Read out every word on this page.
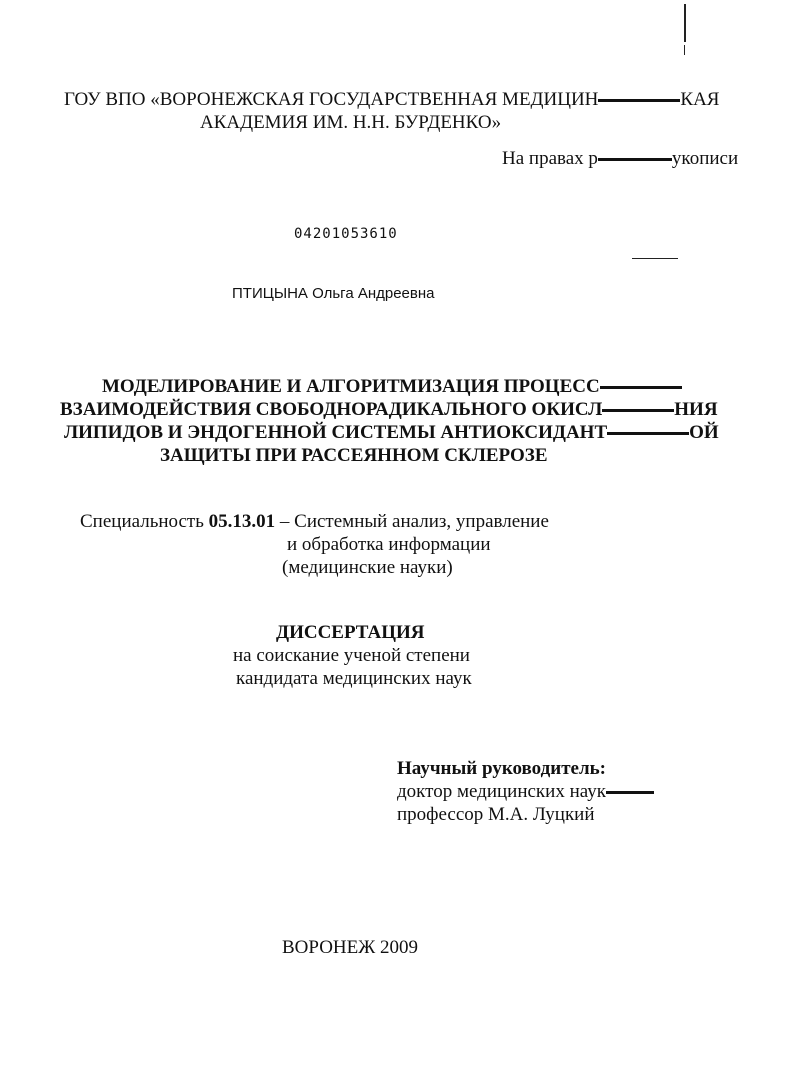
ГОУ ВПО «ВОРОНЕЖСКАЯ ГОСУДАРСТВЕННАЯ МЕДИЦИН	КАЯ
АКАДЕМИЯ ИМ. Н.Н. БУРДЕНКО»
На правах р	укописи
04201053610
ПТИЦЫНА Ольга Андреевна
МОДЕЛИРОВАНИЕ И АЛГОРИТМИЗАЦИЯ ПРОЦЕСС
ВЗАИМОДЕЙСТВИЯ СВОБОДНОРАДИКАЛЬНОГО ОКИСЛ	НИЯ
ЛИПИДОВ И ЭНДОГЕННОЙ СИСТЕМЫ АНТИОКСИДАНТ	ОЙ
ЗАЩИТЫ ПРИ РАССЕЯННОМ СКЛЕРОЗЕ
Специальность 05.13.01 – Системный анализ, управление
и обработка информации
(медицинские науки)
ДИССЕРТАЦИЯ
на соискание ученой степени
кандидата медицинских наук
Научный руководитель:
доктор медицинских наук
профессор М.А. Луцкий
ВОРОНЕЖ 2009
